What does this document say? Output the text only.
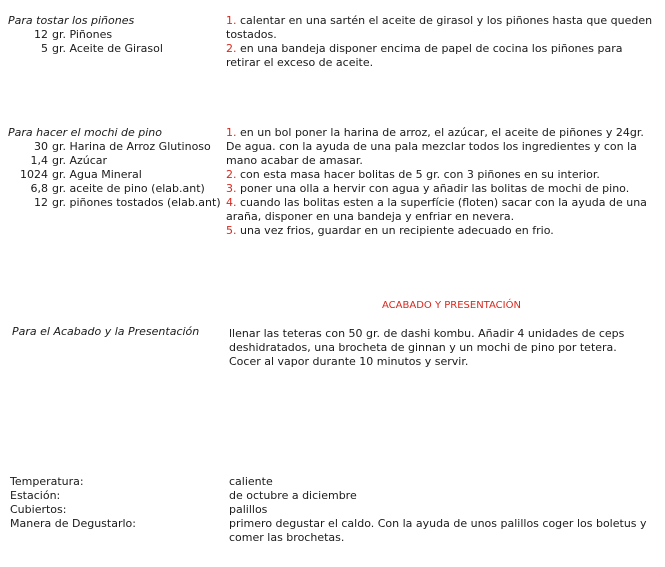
Para tostar los piñones
12 gr. Piñones
5 gr. Aceite de Girasol

1. calentar en una sartén el aceite de girasol y los piñones hasta que queden tostados.

2. en una bandeja disponer encima de papel de cocina los piñones para retirar el exceso de aceite.

Para hacer el mochi de pino
30 gr. Harina de Arroz Glutinoso
1,4 gr. Azúcar
1024 gr. Agua Mineral
6,8 gr. aceite de pino (elab.ant)
12 gr. piñones tostados (elab.ant)

1. en un bol poner la harina de arroz, el azúcar, el aceite de piñones y 24gr. De agua. con la ayuda de una pala mezclar todos los ingredientes y con la mano acabar de amasar.

2. con esta masa hacer bolitas de 5 gr. con 3 piñones en su interior.

3. poner una olla a hervir con agua y añadir las bolitas de mochi de pino.

4. cuando las bolitas esten a la superfície (floten) sacar con la ayuda de una araña, disponer en una bandeja y enfriar en nevera.

5. una vez frios, guardar en un recipiente adecuado en frio.

ACABADO Y PRESENTACIÓN
Para el Acabado y la Presentación	llenar las teteras con 50 gr. de dashi kombu. Añadir 4 unidades de ceps
deshidratados, una brocheta de ginnan y un mochi de pino por tetera.
Cocer al vapor durante 10 minutos y servir.
Temperatura:	caliente
Estación:	de octubre a diciembre
Cubiertos:	palillos
Manera de Degustarlo:	primero degustar el caldo. Con la ayuda de unos palillos coger los boletus y comer las brochetas.
